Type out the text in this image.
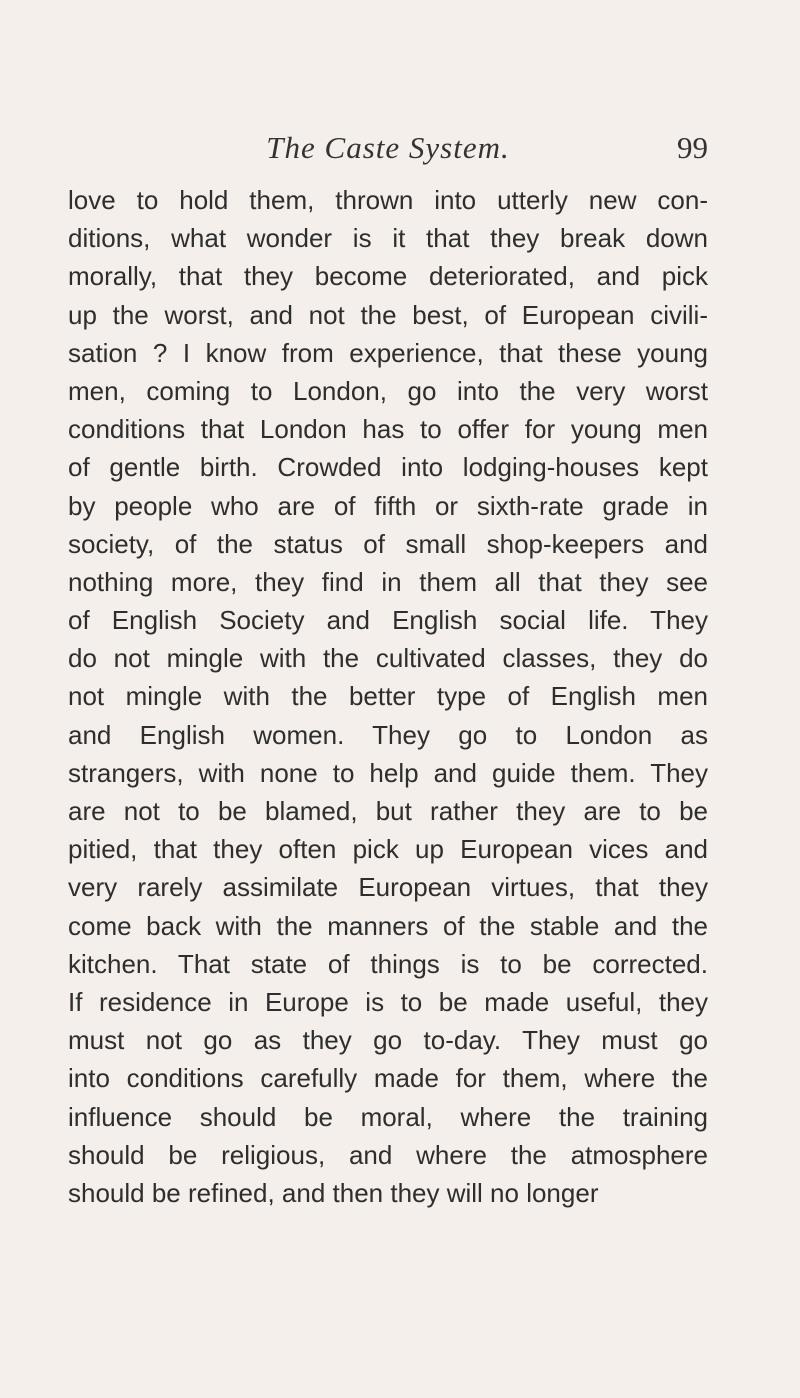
The Caste System.	99
love to hold them, thrown into utterly new con-
ditions, what wonder is it that they break down
morally, that they become deteriorated, and pick
up the worst, and not the best, of European civili-
sation ? I know from experience, that these young
men, coming to London, go into the very worst
conditions that London has to offer for young men
of gentle birth. Crowded into lodging-houses kept
by people who are of fifth or sixth-rate grade in
society, of the status of small shop-keepers and
nothing more, they find in them all that they see
of English Society and English social life. They
do not mingle with the cultivated classes, they do
not mingle with the better type of English men
and English women. They go to London as
strangers, with none to help and guide them. They
are not to be blamed, but rather they are to be
pitied, that they often pick up European vices and
very rarely assimilate European virtues, that they
come back with the manners of the stable and the
kitchen. That state of things is to be corrected.
If residence in Europe is to be made useful, they
must not go as they go to-day. They must go
into conditions carefully made for them, where the
influence should be moral, where the training
should be religious, and where the atmosphere
should be refined, and then they will no longer
